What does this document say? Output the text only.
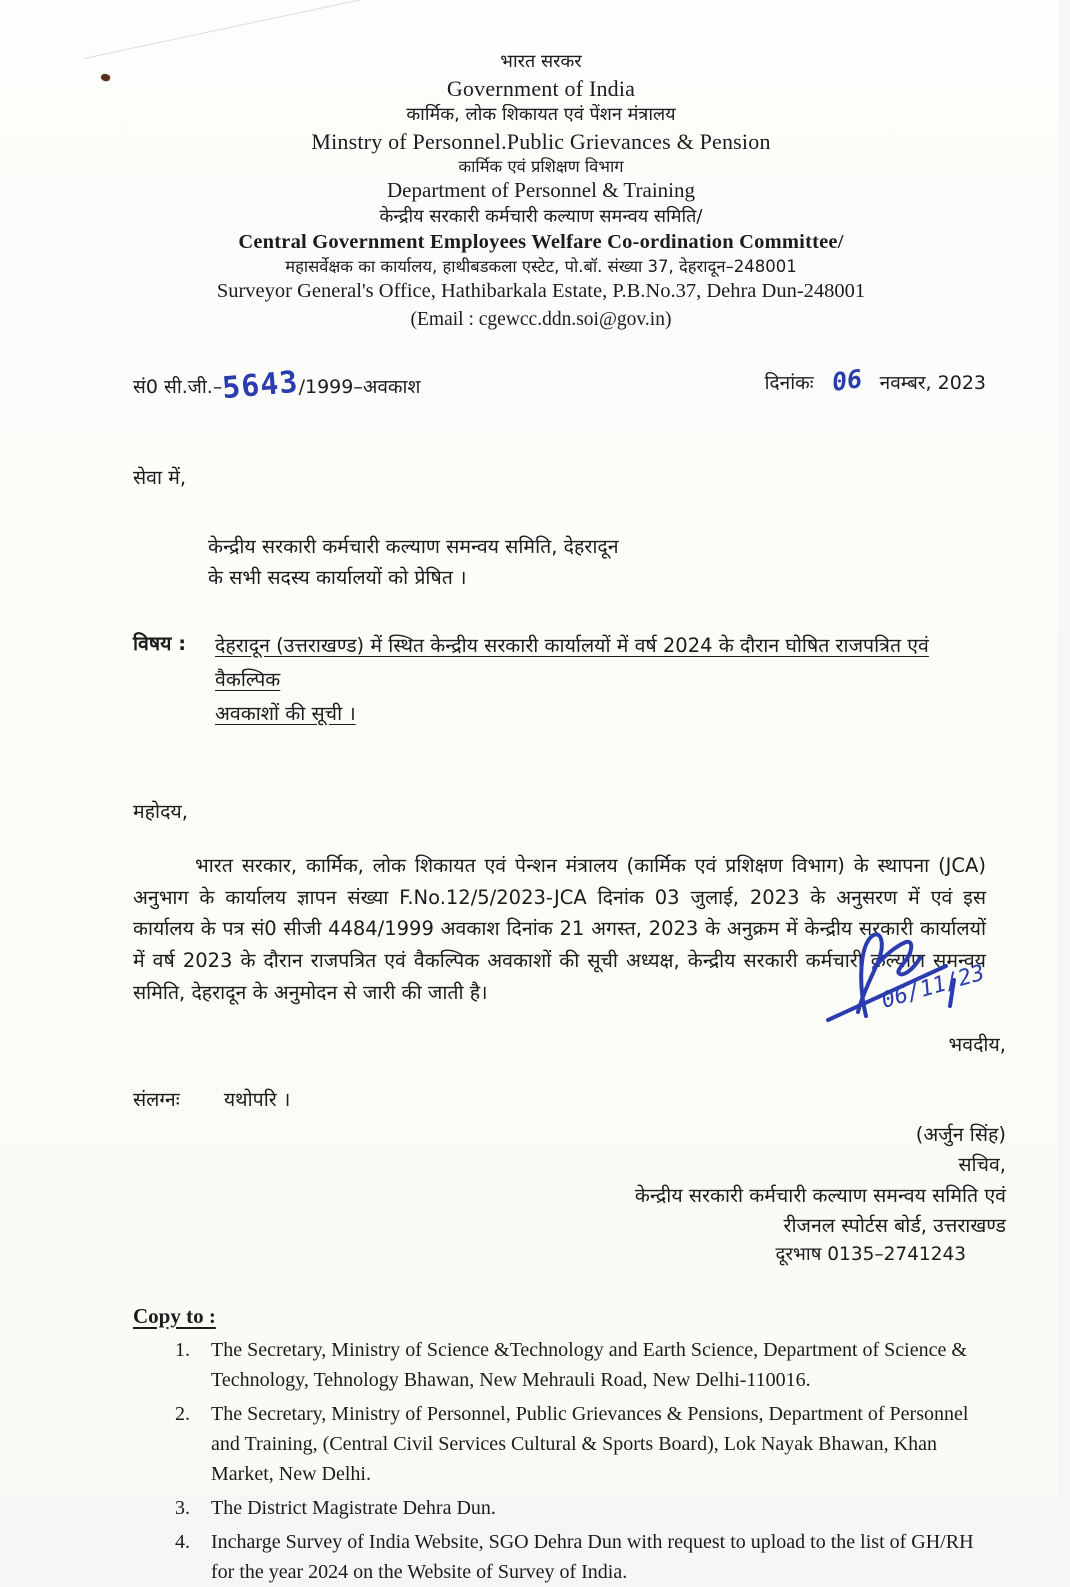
भारत सरकर
Government of India
कार्मिक, लोक शिकायत एवं पेंशन मंत्रालय
Minstry of Personnel.Public Grievances & Pension
कार्मिक एवं प्रशिक्षण विभाग
Department of Personnel & Training
केन्द्रीय सरकारी कर्मचारी कल्याण समन्वय समिति/
Central Government Employees Welfare Co-ordination Committee/
महासर्वेक्षक का कार्यालय, हाथीबडकला एस्टेट, पो.बॉ. संख्या 37, देहरादून–248001
Surveyor General's Office, Hathibarkala Estate, P.B.No.37, Dehra Dun-248001
(Email : cgewcc.ddn.soi@gov.in)
सं0 सी.जी.–5643/1999–अवकाश	दिनांकः 06 नवम्बर, 2023
सेवा में,
केन्द्रीय सरकारी कर्मचारी कल्याण समन्वय समिति, देहरादून
के सभी सदस्य कार्यालयों को प्रेषित ।
विषय :	देहरादून (उत्तराखण्ड) में स्थित केन्द्रीय सरकारी कार्यालयों में वर्ष 2024 के दौरान घोषित राजपत्रित एवं वैकल्पिक
अवकाशों की सूची ।
महोदय,

भारत सरकार, कार्मिक, लोक शिकायत एवं पेन्शन मंत्रालय (कार्मिक एवं प्रशिक्षण विभाग) के स्थापना (JCA) अनुभाग के कार्यालय ज्ञापन संख्या F.No.12/5/2023-JCA दिनांक 03 जुलाई, 2023 के अनुसरण में एवं इस कार्यालय के पत्र सं0 सीजी 4484/1999 अवकाश दिनांक 21 अगस्त, 2023 के अनुक्रम में केन्द्रीय सरकारी कार्यालयों में वर्ष 2023 के दौरान राजपत्रित एवं वैकल्पिक अवकाशों की सूची अध्यक्ष, केन्द्रीय सरकारी कर्मचारी कल्याण समन्वय समिति, देहरादून के अनुमोदन से जारी की जाती है।

भवदीय,
संलग्नः यथोपरि ।
06/11/23
(अर्जुन सिंह)
सचिव,
केन्द्रीय सरकारी कर्मचारी कल्याण समन्वय समिति एवं
रीजनल स्पोर्टस बोर्ड, उत्तराखण्ड
दूरभाष 0135–2741243
Copy to :
1.	The Secretary, Ministry of Science &Technology and Earth Science, Department of Science & Technology, Tehnology Bhawan, New Mehrauli Road, New Delhi-110016.
2.	The Secretary, Ministry of Personnel, Public Grievances & Pensions, Department of Personnel and Training, (Central Civil Services Cultural & Sports Board), Lok Nayak Bhawan, Khan Market, New Delhi.
3.	The District Magistrate Dehra Dun.
4.	Incharge Survey of India Website, SGO Dehra Dun with request to upload to the list of GH/RH for the year 2024 on the Website of Survey of India.
